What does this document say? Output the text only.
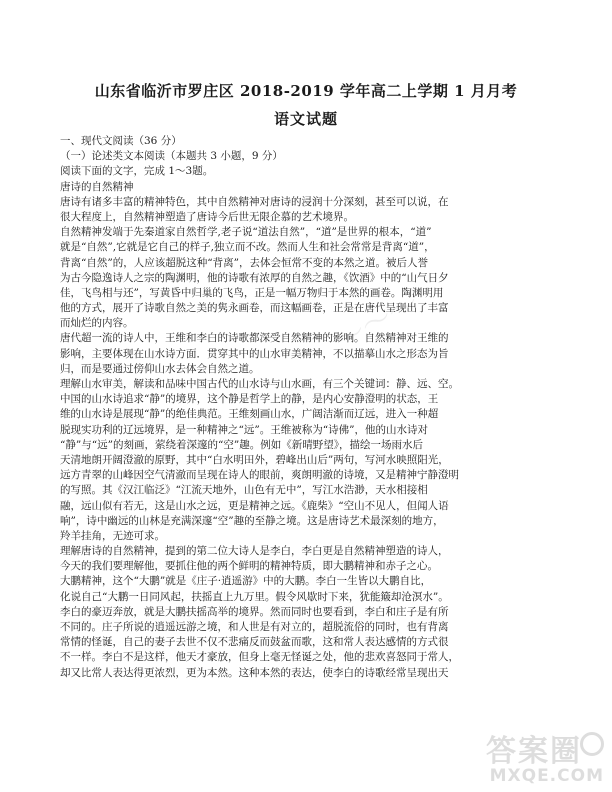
山东省临沂市罗庄区 2018-2019 学年高二上学期 1 月月考
语文试题
一、现代文阅读（36 分）
（一）论述类文本阅读（本题共 3 小题，9 分）
阅读下面的文字，完成 1～3题。
唐诗的自然精神
唐诗有诸多丰富的精神特色，其中自然精神对唐诗的浸润十分深刻，甚至可以说，在
很大程度上，自然精神塑造了唐诗今后世无限企慕的艺术境界。
自然精神发端于先秦道家自然哲学,老子说“道法自然”，“道”是世界的根本，“道”
就是“自然”,它就是它自己的样子,独立而不改。然而人生和社会常常是背离“道”，
背离“自然”的，人应该超脱这种“背离”，去体会恒常不变的本然之道。被后人誉
为古今隐逸诗人之宗的陶渊明，他的诗歌有浓厚的自然之趣，《饮酒》中的“山气日夕
佳，飞鸟相与还”，写黄昏中归巢的飞鸟，正是一幅万物归于本然的画卷。陶渊明用
他的方式，展开了诗歌自然之美的隽永画卷，而这幅画卷，正是在唐代呈现出了丰富
而灿烂的内容。
唐代超一流的诗人中，王维和李白的诗歌都深受自然精神的影响。自然精神对王维的
影响，主要体现在山水诗方面．贯穿其中的山水审美精神，不以描摹山水之形态为旨
归，而是要通过傍仰山水去体会自然之道。
理解山水审美，解读和品味中国古代的山水诗与山水画，有三个关键词：静、远、空。
中国的山水诗追求“静”的境界，这个静是哲学上的静，是内心安静澄明的状态，王
维的山水诗是展现“静”的绝佳典范。王维刻画山水，广阔洁渐而辽远，进入一种超
脱现实功利的辽远境界，是一种精神之“远”。王维被称为“诗佛”，他的山水诗对
“静”与“远”的刻画，萦绕着深邃的“空”趣。例如《新晴野望》，描绘一场雨水后
天清地朗开阔澄澈的原野，其中“白水明田外，碧峰出山后”两句，写河水映照阳光，
远方青翠的山峰因空气清澈而呈现在诗人的眼前，爽朗明澈的诗境，又是精神宁静澄明
的写照。其《汉江临泛》“江流天地外，山色有无中”，写江水浩渺，天水相接相
融，远山似有若无，这是山水之远，更是精神之远。《鹿柴》“空山不见人，但闻人语
响”，诗中幽远的山林是充满深邃“空”趣的至静之境。这是唐诗艺术最深刻的地方，
羚羊挂角，无迹可求。
理解唐诗的自然精神，提到的第二位大诗人是李白，李白更是自然精神塑造的诗人，
今天的我们要理解他，要抓住他的两个鲜明的精神特质，即大鹏精神和赤子之心。
大鹏精神，这个“大鹏”就是《庄子·逍遥游》中的大鹏。李白一生皆以大鹏自比，
化说自己“大鹏一日同风起，扶摇直上九万里。假令风歇时下来，犹能簸却沧溟水”。
李白的豪迈奔放，就是大鹏扶摇高举的境界。然而同时也要看到，李白和庄子是有所
不同的。庄子所说的逍遥远游之境，和人世是有对立的，超脱流俗的同时，也有背离
常情的怪诞，自己的妻子去世不仅不悲痛反而鼓盆而歌，这和常人表达感情的方式很
不一样。李白不是这样，他天才豪放，但身上毫无怪诞之处，他的悲欢喜怒同于常人，
却又比常人表达得更浓烈，更为本然。这种本然的表达，使李白的诗歌经常呈现出天
〜〜〜
答案圈
MXQE.COM
